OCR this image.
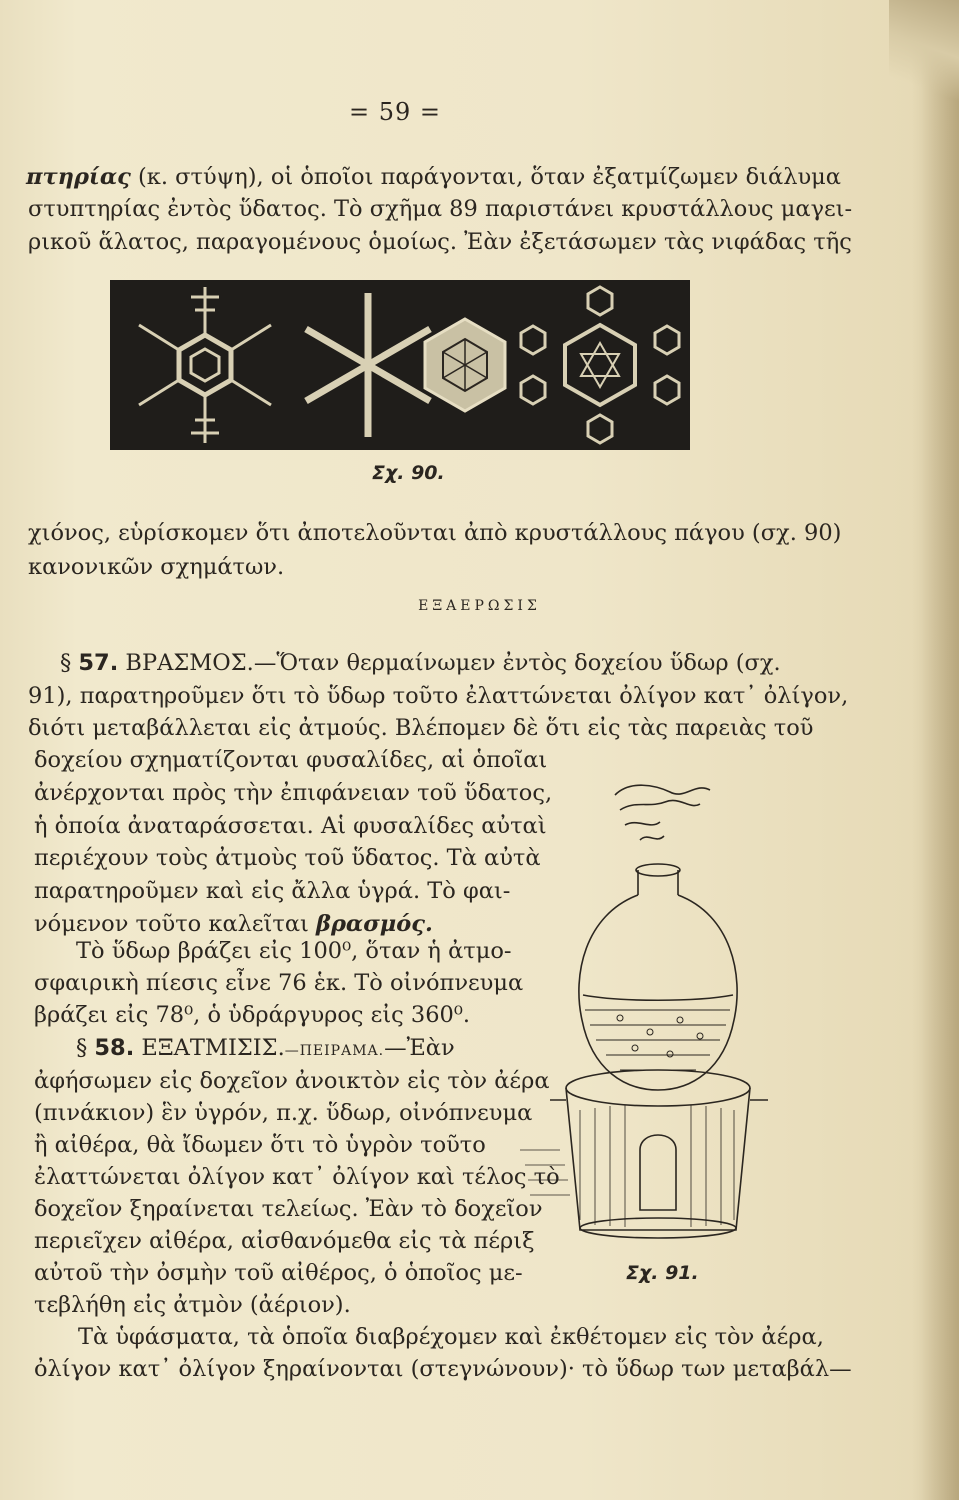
= 59 =
πτηρίας (κ. στύψη), οἱ ὁποῖοι παράγονται, ὅταν ἐξατμίζωμεν διάλυμα
στυπτηρίας ἐντὸς ὕδατος. Τὸ σχῆμα 89 παριστάνει κρυστάλλους μαγει-
ρικοῦ ἅλατος, παραγομένους ὁμοίως. Ἐὰν ἐξετάσωμεν τὰς νιφάδας τῆς
Σχ. 90.
χιόνος, εὑρίσκομεν ὅτι ἀποτελοῦνται ἀπὸ κρυστάλλους πάγου (σχ. 90)
κανονικῶν σχημάτων.
ΕΞΑΕΡΩΣΙΣ
§ 57. ΒΡΑΣΜΟΣ.—Ὅταν θερμαίνωμεν ἐντὸς δοχείου ὕδωρ (σχ.
91), παρατηροῦμεν ὅτι τὸ ὕδωρ τοῦτο ἐλαττώνεται ὀλίγον κατ᾽ ὀλίγον,
διότι μεταβάλλεται εἰς ἀτμούς. Βλέπομεν δὲ ὅτι εἰς τὰς παρειὰς τοῦ
δοχείου σχηματίζονται φυσαλίδες, αἱ ὁποῖαι
ἀνέρχονται πρὸς τὴν ἐπιφάνειαν τοῦ ὕδατος,
ἡ ὁποία ἀναταράσσεται. Αἱ φυσαλίδες αὐταὶ
περιέχουν τοὺς ἀτμοὺς τοῦ ὕδατος. Τὰ αὐτὰ
παρατηροῦμεν καὶ εἰς ἄλλα ὑγρά. Τὸ φαι-
νόμενον τοῦτο καλεῖται βρασμός.
Τὸ ὕδωρ βράζει εἰς 100⁰, ὅταν ἡ ἀτμο-
σφαιρικὴ πίεσις εἶνε 76 ἑκ. Τὸ οἰνόπνευμα
βράζει εἰς 78⁰, ὁ ὑδράργυρος εἰς 360⁰.
§ 58. ΕΞΑΤΜΙΣΙΣ.—ΠΕΙΡΑΜΑ.—Ἐὰν
ἀφήσωμεν εἰς δοχεῖον ἀνοικτὸν εἰς τὸν ἀέρα
(πινάκιον) ἓν ὑγρόν, π.χ. ὕδωρ, οἰνόπνευμα
ἢ αἰθέρα, θὰ ἴδωμεν ὅτι τὸ ὑγρὸν τοῦτο
ἐλαττώνεται ὀλίγον κατ᾽ ὀλίγον καὶ τέλος τὸ
δοχεῖον ξηραίνεται τελείως. Ἐὰν τὸ δοχεῖον
περιεῖχεν αἰθέρα, αἰσθανόμεθα εἰς τὰ πέριξ
αὐτοῦ τὴν ὀσμὴν τοῦ αἰθέρος, ὁ ὁποῖος με-
τεβλήθη εἰς ἀτμὸν (ἀέριον).
Σχ. 91.
Τὰ ὑφάσματα, τὰ ὁποῖα διαβρέχομεν καὶ ἐκθέτομεν εἰς τὸν ἀέρα,
ὀλίγον κατ᾽ ὀλίγον ξηραίνονται (στεγνώνουν)· τὸ ὕδωρ των μεταβάλ—
